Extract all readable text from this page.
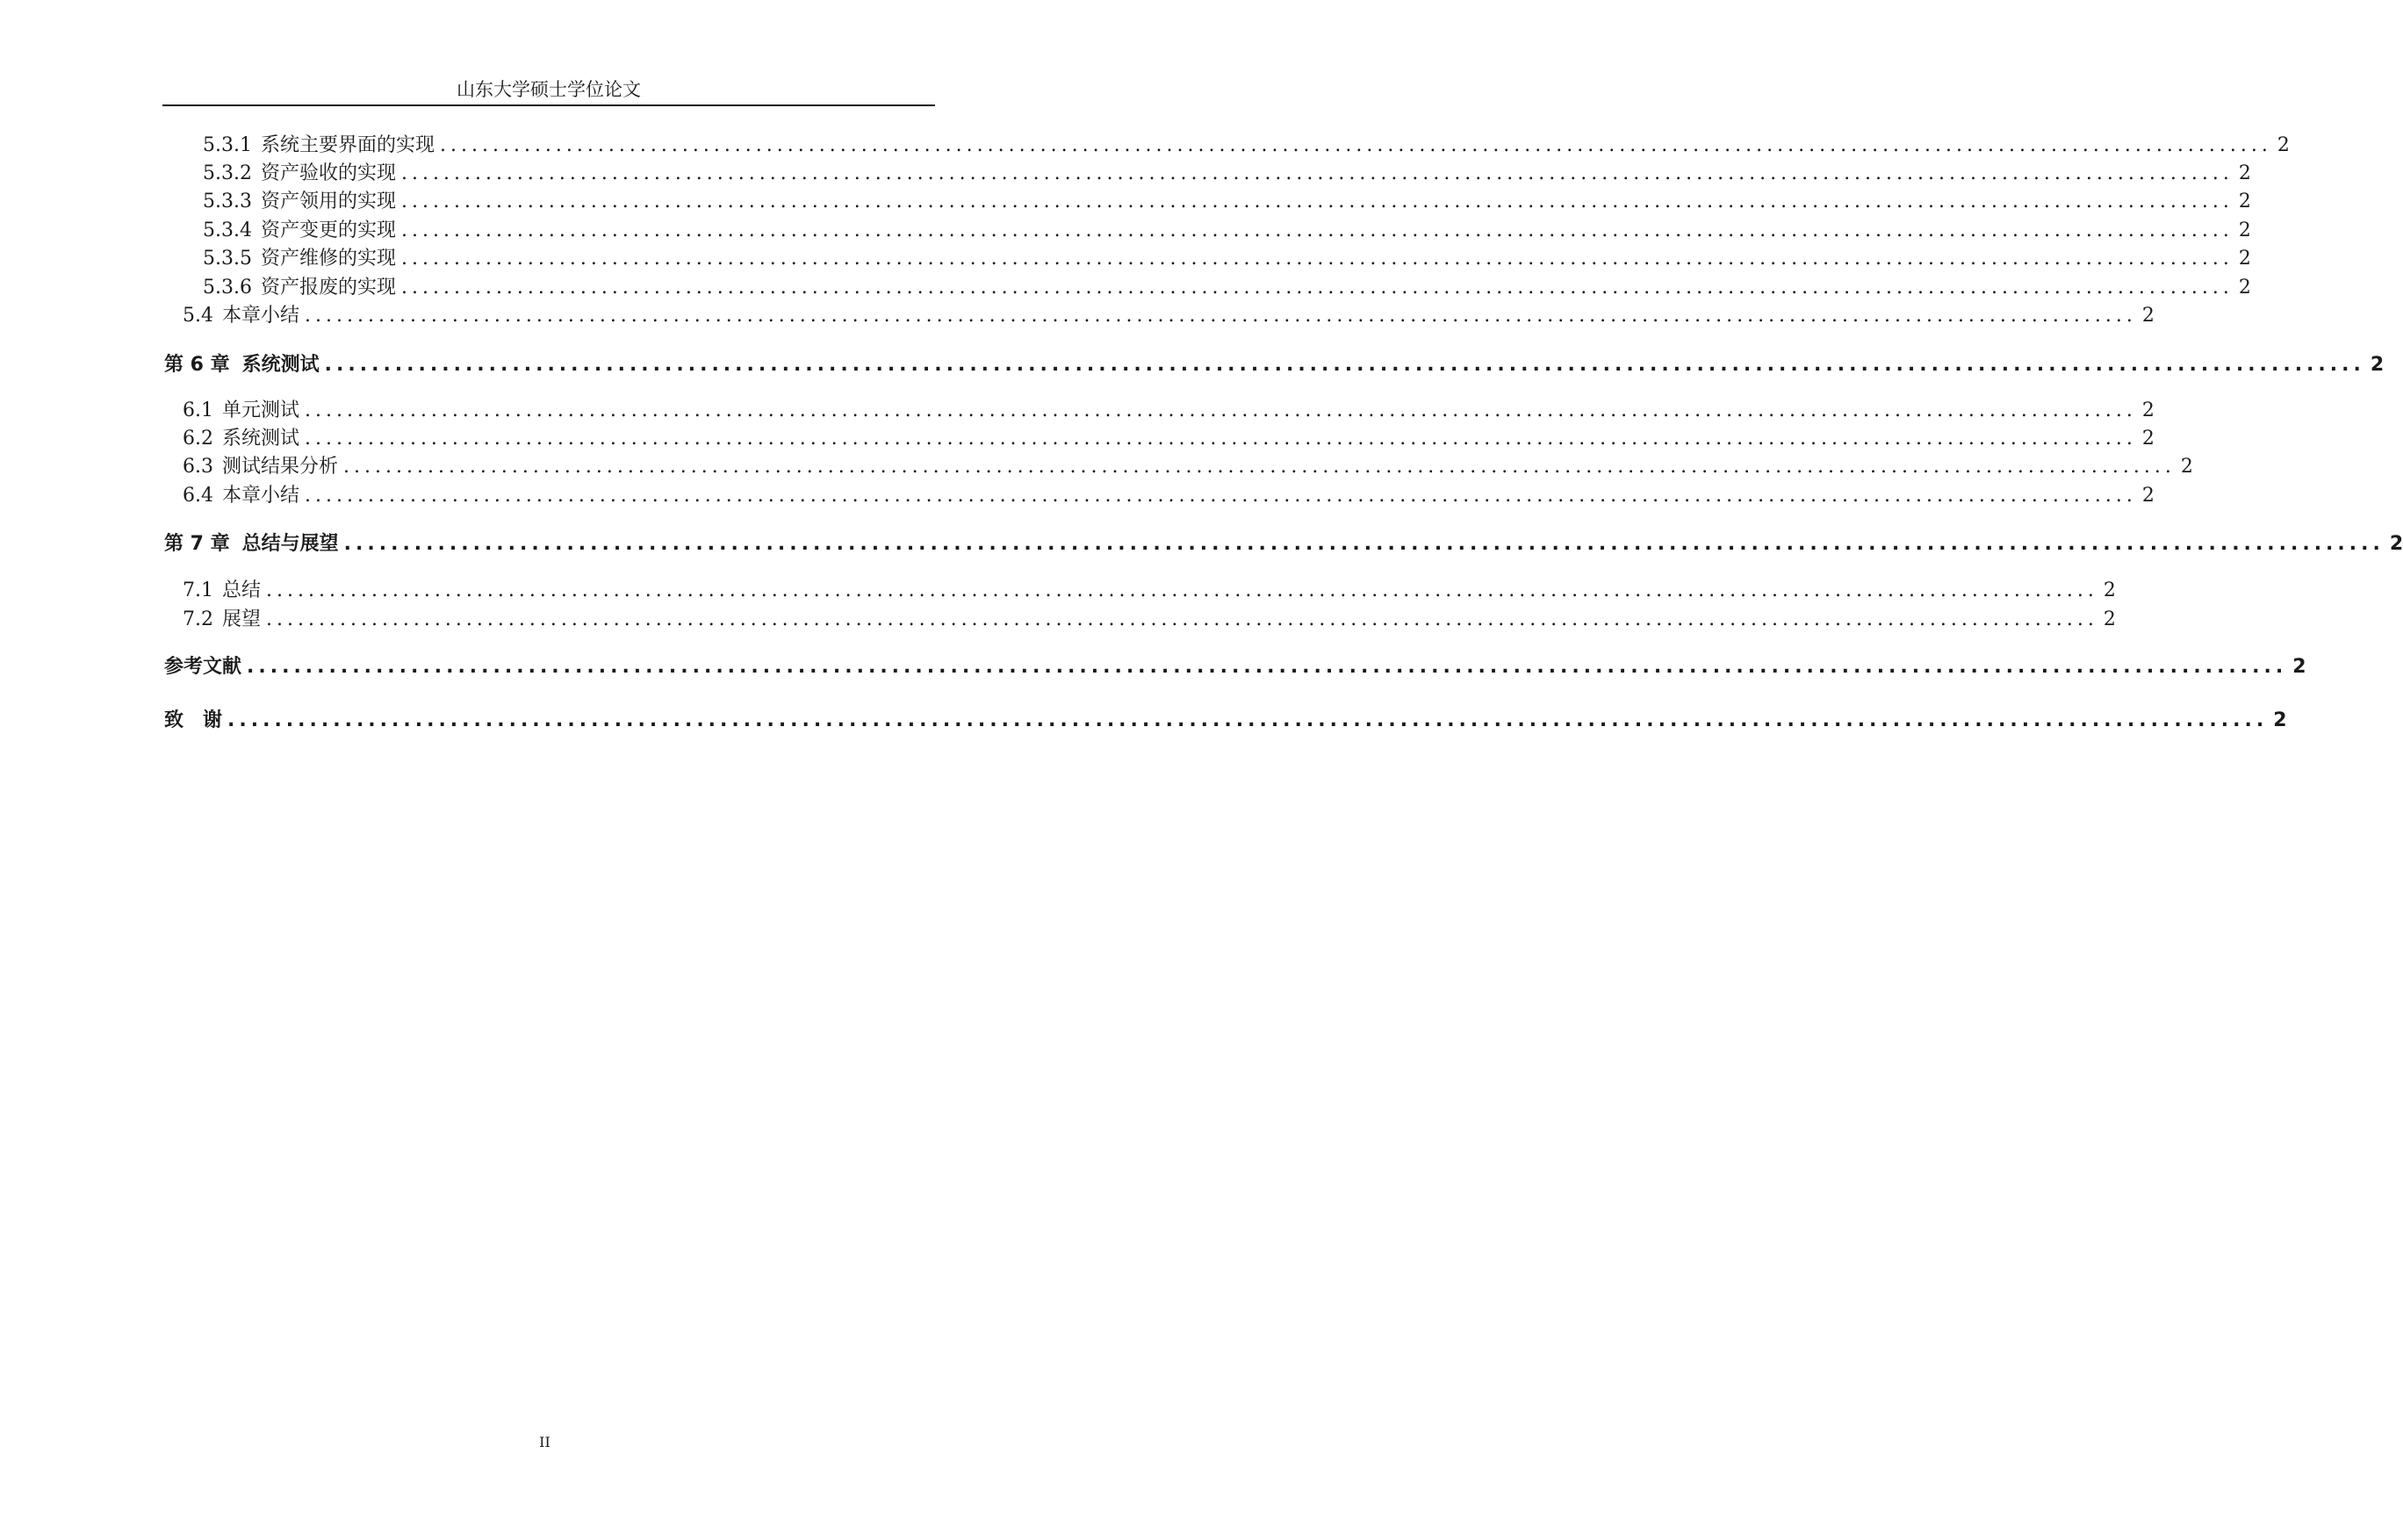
山东大学硕士学位论文
5.3.1 系统主要界面的实现 .............................................................................................................................................................................. 2
5.3.2 资产验收的实现 .............................................................................................................................................................................. 2
5.3.3 资产领用的实现 .............................................................................................................................................................................. 2
5.3.4 资产变更的实现 .............................................................................................................................................................................. 2
5.3.5 资产维修的实现 .............................................................................................................................................................................. 2
5.3.6 资产报废的实现 .............................................................................................................................................................................. 2
5.4 本章小结 .............................................................................................................................................................................. 2
第 6 章 系统测试 .............................................................................................................................................................................. 2
6.1 单元测试 .............................................................................................................................................................................. 2
6.2 系统测试 .............................................................................................................................................................................. 2
6.3 测试结果分析 .............................................................................................................................................................................. 2
6.4 本章小结 .............................................................................................................................................................................. 2
第 7 章 总结与展望 .............................................................................................................................................................................. 2
7.1 总结 .............................................................................................................................................................................. 2
7.2 展望 .............................................................................................................................................................................. 2
参考文献 .............................................................................................................................................................................. 2
致　谢 .............................................................................................................................................................................. 2
II
